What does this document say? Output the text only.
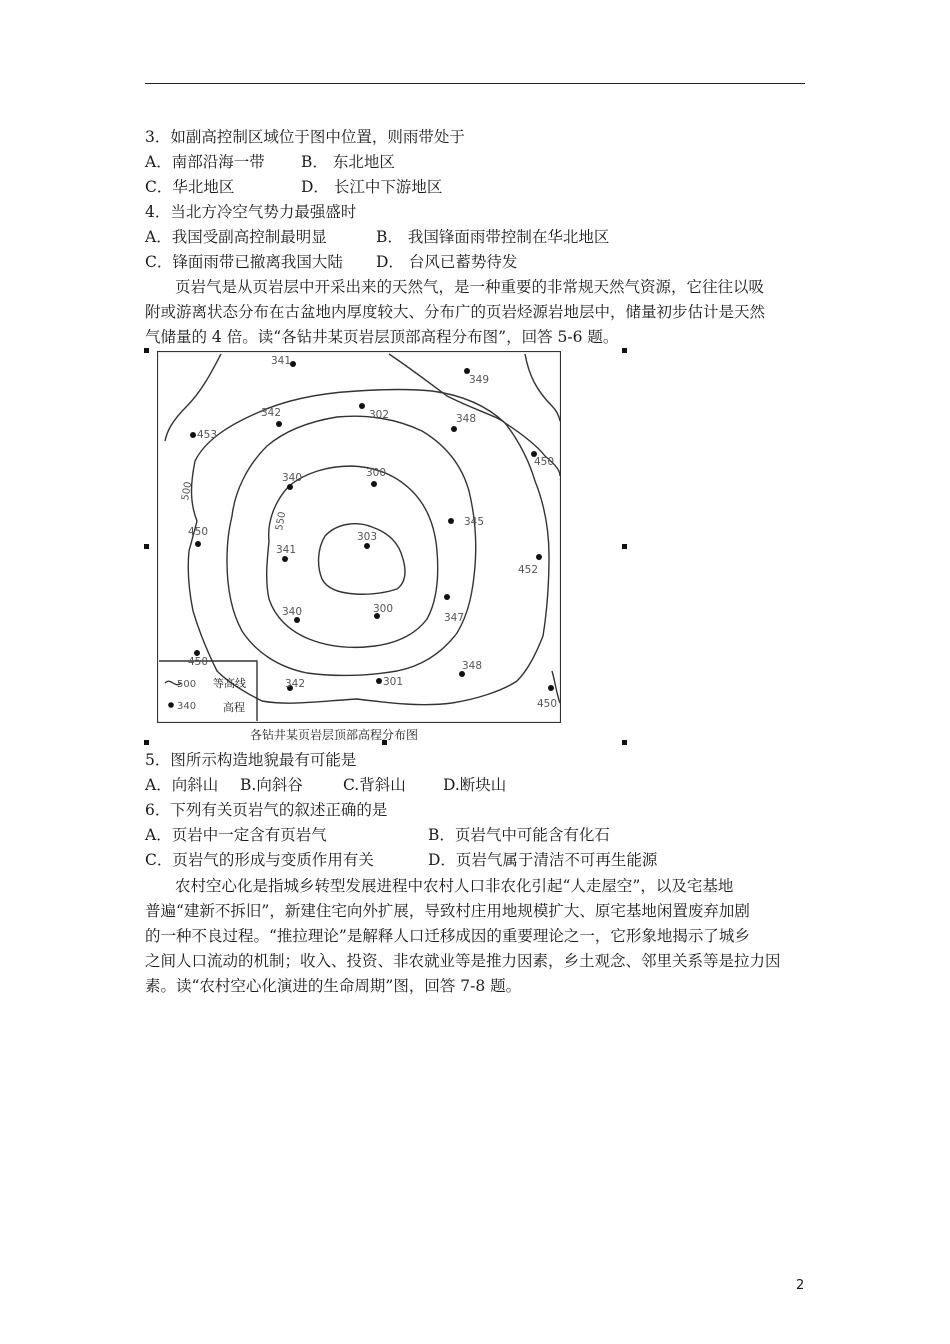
3．如副高控制区域位于图中位置，则雨带处于
A．南部沿海一带 B． 东北地区
C．华北地区	D． 长江中下游地区
4．当北方冷空气势力最强盛时
A．我国受副高控制最明显	B． 我国锋面雨带控制在华北地区
C．锋面雨带已撤离我国大陆 D． 台风已蓄势待发
页岩气是从页岩层中开采出来的天然气，是一种重要的非常规天然气资源，它往往以吸
附或游离状态分布在古盆地内厚度较大、分布广的页岩烃源岩地层中，储量初步估计是天然
气储量的 4 倍。读“各钻井某页岩层顶部高程分布图”，回答 5-6 题。
500
550
341
349
342	302	348
453
450
340	300
345
450	303
341
452
340	300
347
450	348
342	301
450
500 等高线
340 高程
各钻井某页岩层顶部高程分布图
5．图所示构造地貌最有可能是
A．向斜山 B.向斜谷	C.背斜山 D.断块山
6．下列有关页岩气的叙述正确的是
A．页岩中一定含有页岩气	B．页岩气中可能含有化石
C．页岩气的形成与变质作用有关	D．页岩气属于清洁不可再生能源
农村空心化是指城乡转型发展进程中农村人口非农化引起“人走屋空”，以及宅基地
普遍“建新不拆旧”，新建住宅向外扩展，导致村庄用地规模扩大、原宅基地闲置废弃加剧
的一种不良过程。“推拉理论”是解释人口迁移成因的重要理论之一，它形象地揭示了城乡
之间人口流动的机制；收入、投资、非农就业等是推力因素，乡土观念、邻里关系等是拉力因
素。读“农村空心化演进的生命周期”图，回答 7-8 题。
2
